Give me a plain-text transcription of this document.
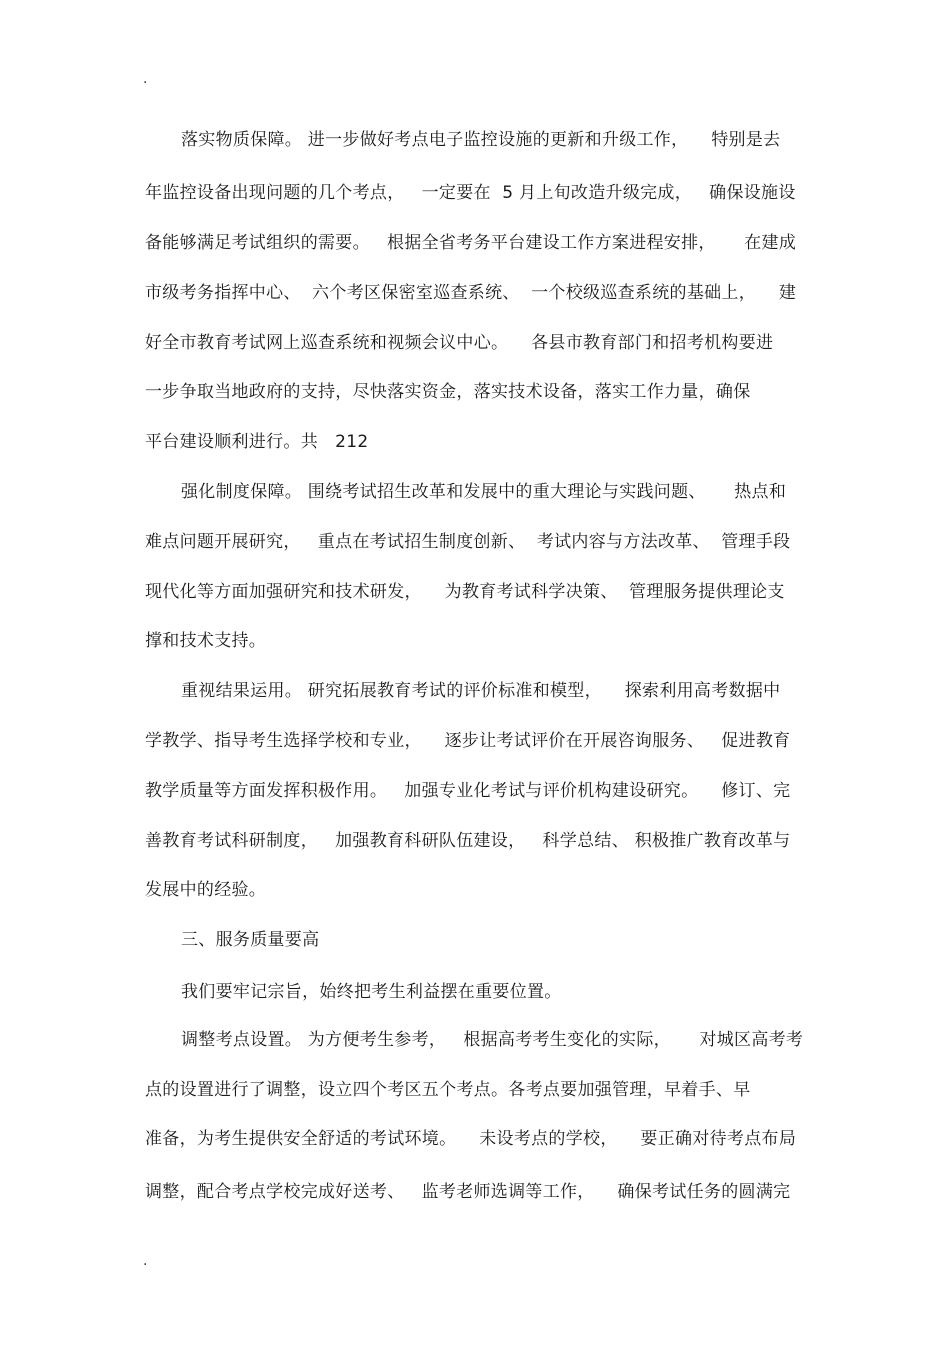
.
落实物质保障。 进一步做好考点电子监控设施的更新和升级工作，    特别是去
年监控设备出现问题的几个考点，   一定要在  5 月上旬改造升级完成，   确保设施设
备能够满足考试组织的需要。   根据全省考务平台建设工作方案进程安排，     在建成
市级考务指挥中心、  六个考区保密室巡查系统、  一个校级巡查系统的基础上，    建
好全市教育考试网上巡查系统和视频会议中心。    各县市教育部门和招考机构要进
一步争取当地政府的支持，尽快落实资金，落实技术设备，落实工作力量，确保
平台建设顺利进行。共   212
强化制度保障。 围绕考试招生改革和发展中的重大理论与实践问题、     热点和
难点问题开展研究，   重点在考试招生制度创新、  考试内容与方法改革、  管理手段
现代化等方面加强研究和技术研发，    为教育考试科学决策、  管理服务提供理论支
撑和技术支持。
重视结果运用。 研究拓展教育考试的评价标准和模型，    探索利用高考数据中
学教学、指导考生选择学校和专业，    逐步让考试评价在开展咨询服务、   促进教育
教学质量等方面发挥积极作用。   加强专业化考试与评价机构建设研究。    修订、完
善教育考试科研制度，   加强教育科研队伍建设，   科学总结、 积极推广教育改革与
发展中的经验。
三、服务质量要高
我们要牢记宗旨，始终把考生利益摆在重要位置。
调整考点设置。 为方便考生参考，   根据高考考生变化的实际，     对城区高考考
点的设置进行了调整，设立四个考区五个考点。各考点要加强管理，早着手、早
准备，为考生提供安全舒适的考试环境。    未设考点的学校，    要正确对待考点布局
调整，配合考点学校完成好送考、   监考老师选调等工作，    确保考试任务的圆满完
.
